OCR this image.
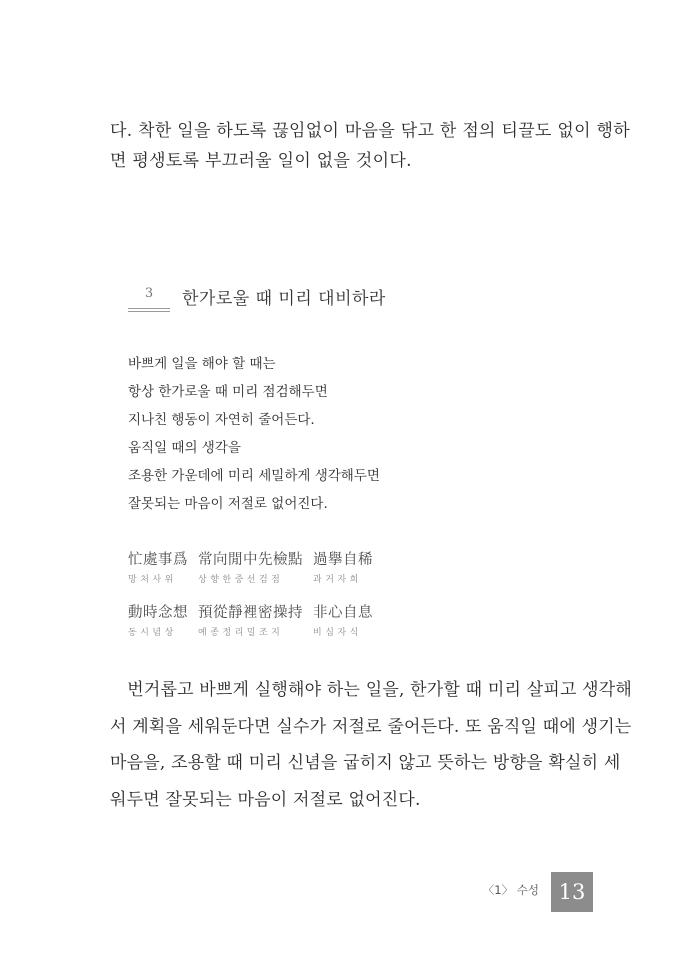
다. 착한 일을 하도록 끊임없이 마음을 닦고 한 점의 티끌도 없이 행하

면 평생토록 부끄러울 일이 없을 것이다.

3	한가로울 때 미리 대비하라
바쁘게 일을 해야 할 때는
항상 한가로울 때 미리 점검해두면
지나친 행동이 자연히 줄어든다.
움직일 때의 생각을
조용한 가운데에 미리 세밀하게 생각해두면
잘못되는 마음이 저절로 없어진다.
忙處事爲
망처사위
常向閒中先檢點
상향한중선검점
過擧自稀
과거자희
動時念想
동시념상
預從靜裡密操持
예종정리밀조지
非心自息
비심자식

　번거롭고 바쁘게 실행해야 하는 일을, 한가할 때 미리 살피고 생각해

서 계획을 세워둔다면 실수가 저절로 줄어든다. 또 움직일 때에 생기는

마음을, 조용할 때 미리 신념을 굽히지 않고 뜻하는 방향을 확실히 세

워두면 잘못되는 마음이 저절로 없어진다.

〈1〉 수성 13
